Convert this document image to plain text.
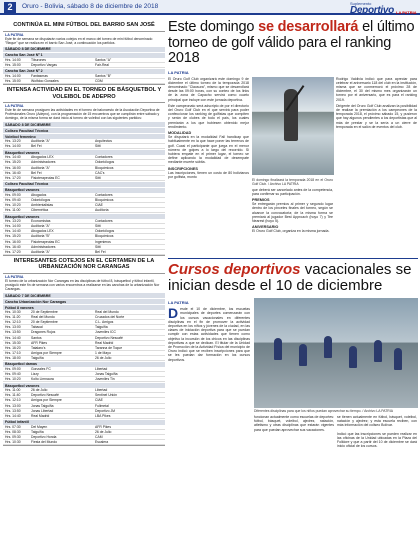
2	Oruro - Bolivia, sábado 8 de diciembre de 2018	Suplemento
Deportivo LA PATRIA
CONTINÚA EL MINI FÚTBOL DEL BARRIO SAN JOSÉ
LA PATRIA
Este fin de semana se disputarán varios cotejos en el marco del torneo de mini fútbol denominado "Ñeque" que se realiza en el barrio San José, a continuación los partidos.
SÁBADO 8 DE DICIEMBRE
Cancha San José Nº 1
Hrs. 14:00	Tiburones	Santos "A"
Hrs. 15:00	Deportivo Vargas	Fair-Real
Cancha San José Nº 2
Hrs. 14:00	Fantasmas	Santos "B"
Hrs. 15:00	Wolfdoo Gonzales	CDM
INTENSA ACTIVIDAD EN EL TORNEO DE BÁSQUETBOL Y VOLEIBOL DE ADEPRO
LA PATRIA
Este fin de semana prosiguen las actividades en el torneo de baloncesto de la Asociación Deportiva de Profesionales Oruro (Adepro), con la programación de 15 encuentros que se cumplirán entre sábado y domingo, de la misma forma se dará inicio al torneo de voleibol con las siguientes partidos:
SÁBADO 8 DE DICIEMBRE
Coliseo Facultad Técnica
Voleibol femenino
Hrs. 13:20	Auditoria "A"	Arquitectos
Hrs. 14:00	Bel Fei	Sitti
Básquetbol varones
Hrs. 14:40	Abogados LEX	Contadores
Hrs. 15:20	Administradores	Odontólogos
Hrs. 16:00	Auditoria "A"	Bioquímicos
Hrs. 16:40	Bel Fei	CAC's
Hrs. 17:20	Fisioterapeutas EC	Sitti
Coliseo Facultad Técnica
Básquetbol varones
Hrs. 09:00	Abogados	Contadores
Hrs. 09:40	Odontólogos	Bioquímicos
Hrs. 10:20	Ambientalistas	CIAE
Hrs. 11:00	Cibernética	Auditoría
Básquetbol varones
Hrs. 13:20	Economistas	Contadores
Hrs. 14:00	Auditoria "A"	Sitti
Hrs. 14:40	Abogados LEX	Odontólogos
Hrs. 15:20	Auditoria "B"	Bioquímicos
Hrs. 16:00	Fisioterapeutas EC	Ingenieros
Hrs. 16:40	Administradores	Sitti
Hrs. 17:20	Auditoria "A"	Bel Fei
INTERESANTES COTEJOS EN EL CERTAMEN DE LA URBANIZACIÓN NOR CARANGAS
LA PATRIA
El torneo de la urbanización Nor Carangas en las disciplinas de fútbol 8, básquetbol y fútbol infantil, prosiguió este fin de semana con varios encuentros a realizarse en las canchas de la urbanización Nor Carangas.
SÁBADO 7 DE DICIEMBRE
Cancha Urbanización Nor Carangas
Fútbol 8 varones
Hrs. 10:30	20 de Septiembre	Real del Mundo
Hrs. 11:20	Real del Mundo	Cruzados del Norte
Hrs. 12:10	20 de Septiembre	C.L. Amigos
Hrs. 13:00	Tabacal	Taiguiña
Hrs. 13:50	Dragones Rojos	Juveniles ICC
Hrs. 14:40	Santos	Deportivo Nescafé
Hrs. 15:30	AFR Pikes	Real Madrid
Hrs. 16:20	Tatalaro's	Taranna de Toque
Hrs. 17:10	Amigos por Siempre	1 de Mayo
Hrs. 18:00	Taiguiña	26 de Julio
Básquetbol damas
Hrs. 09:00	Gonzales FC	Libertad
Hrs. 09:40	Lizzy	Jonas Taiguiña
Hrs. 10:20	Kolto Limnaura	Juveniles Tin
Básquetbol varones
Hrs. 11:00	26 de Julio	Libertad
Hrs. 11:40	Deportivo Nescafé	Sentinel Unión
Hrs. 12:10	Amigos por Siempre	CIAE
Hrs. 13:00	Jonas Taiguiña	Fullmetal
Hrs. 13:50	Jonas Libertad	Deportivo JM
Hrs. 14:40	Real Madrid	LBA Pikes
Fútbol infantil
Hrs. 07:30	Del Mayen	AFR Pikes
Hrs. 08:30	Taiguiña	26 de Julio
Hrs. 09:30	Deportivo Honda	CAM
Hrs. 10:30	Fiesta del Mundo	Escalera
Este domingo se desarrollará el último torneo de golf válido para el ranking 2018
LA PATRIA

El Oruro Golf Club organizará este domingo 9 de diciembre el último torneo de la temporada 2018 denominado "Clausura", mismo que se desarrollará desde las 09:00 horas, con su conteo de los links de la zona de Capacho servirá como cuarto principal que incluye con este jornada deportiva.

Este campeonato será adscripto de por el directorio del Oruro Golf Club en el que servirá para poder confeccionar los ranking de golfistas que compiten y serán de clubes de todo el país, los cuales premiarán a los que hubiesen obtenido mejor rendimiento.

MODALIDAD

Se disputará en la modalidad Fall handicap que habitualmente en la que hace poner las terrenos de golf. Cuasi el participante que juega en el menor número de golpes a lo largo del recorrido. Si hubiera empate en el primer lugar, el torneo se define aplicando la modalidad de desempate mediante muerte súbita.

INSCRIPCIONES

Las inscripciones, tienen un costo de 80 bolivianos por golfista, monto

El domingo finalizará la temporada 2018 en el Oruro Golf Club. / Archivo LA PATRIA

que deberá ser cancelado antes de la competencia, para confirmar su participación.

PREMIOS

Se entregarán premios al primer y segundo lugar dentro de los pinceles finales del torneo, según se alcance la convocatoria; de la misma forma se premiará al jugador Best Approach (hoyo 7) y Tee Nearest (hoyo 5).

ANIVERSARIO

El Oruro Golf Club, organiza en la misma jornada.

Rodrigo Valdivia indicó que para apreciar para celebrar el aniversario 118 del club en la institución, misma que se conmemoró el próximo 28 de diciembre, el 30 del mismo mes organizarán un torneo por el aniversario, que es para el ranking 2019.

Dirigente del Oruro Golf Club analizan la posibilidad de realizar la premiación a los campeones de la temporada 2018, el próximo sábado 15, y pusieron que hay algunos pendientes a los deportistas que al más de prestar y se la sería a un cierre de temporada en el salón de eventos del club.

Cursos deportivos vacacionales se inician desde el 10 de diciembre
LA PATRIA
D esde el 10 de diciembre, los escuelas municipales de deportes comenzarán con los cursos vacacionales en diferentes disciplinas en el fin de promover la actividad deportiva en los niños y jóvenes de la ciudad, en las clases de iniciación deportiva para que se puedan cumplir con estas actividades que tienen como objetivo la incursión de los chicos en las disciplinas deportivas a que se dedican. El titular de la Unidad de Promoción de la Actividad Física del municipio de Oruro indicó que se reciben inscripciones para que se les puedan dar formación en los cursos deportivos.
Diferentes disciplinas para que los niños puedan aprovechar su tiempo. / Archivo LA PATRIA
funcionan actualmente como escuelas de deportes: fútbol, básquet, voleibol, ajedrez, natación, atletismo y otras disciplinas que estarán vigentes para que puedan aprovechar sus vacaciones.
se tienen actualmente en fútbol, básquet, voleibol, natación y ajedrez; y esta escuela reciben, con más información del coliseo Bolívar.

Indicó que las inscripciones se pueden realizar en las oficinas de la Unidad ubicadas en la Plaza del Folklore y que a partir del 10 de diciembre se dará inicio oficial de los cursos.
